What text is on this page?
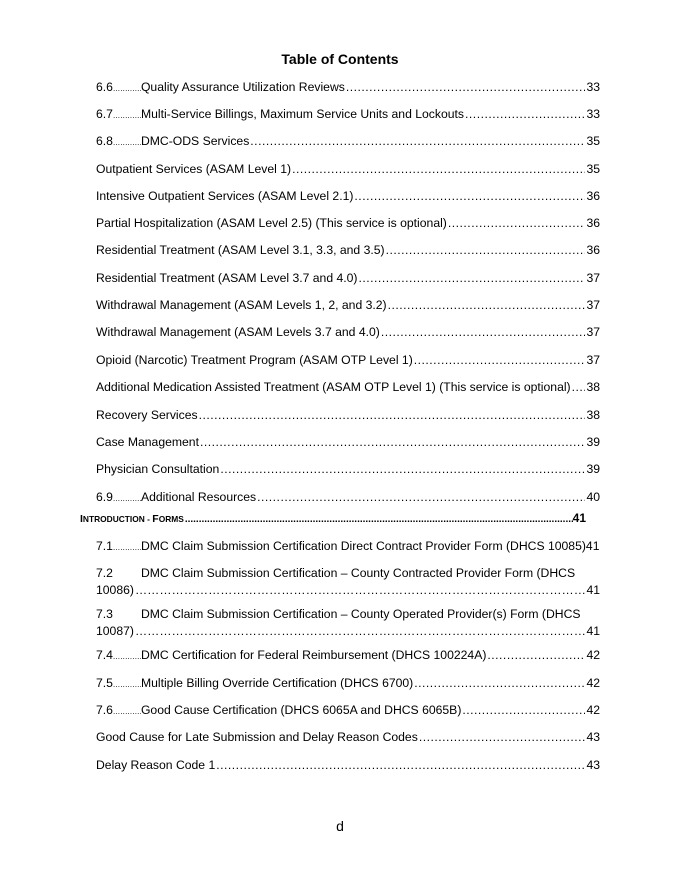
Table of Contents
6.6 ..... Quality Assurance Utilization Reviews .....	33
6.7 ..... Multi-Service Billings, Maximum Service Units and Lockouts .....	33
6.8 ..... DMC-ODS Services .....	35
Outpatient Services (ASAM Level 1) .....	35
Intensive Outpatient Services (ASAM Level 2.1) .....	36
Partial Hospitalization (ASAM Level 2.5) (This service is optional) .....	36
Residential Treatment (ASAM Level 3.1, 3.3, and 3.5) .....	36
Residential Treatment (ASAM Level 3.7 and 4.0) .....	37
Withdrawal Management (ASAM Levels 1, 2, and 3.2) .....	37
Withdrawal Management (ASAM Levels 3.7 and 4.0) .....	37
Opioid (Narcotic) Treatment Program (ASAM OTP Level 1) .....	37
Additional Medication Assisted Treatment (ASAM OTP Level 1) (This service is optional) ..... 38
Recovery Services .....	38
Case Management .....	39
Physician Consultation .....	39
6.9 ..... Additional Resources .....	40
I NTRODUCTION - F ORMS .....	41
7.1 ..... DMC Claim Submission Certification Direct Contract Provider Form (DHCS 10085) 41
7.2 DMC Claim Submission Certification – County Contracted Provider Form (DHCS
10086) …………………………………………………………………………………………………………………………………………………………	41
7.3 DMC Claim Submission Certification – County Operated Provider(s) Form (DHCS
10087) …………………………………………………………………………………………………………………………………………………………	41
7.4 ..... DMC Certification for Federal Reimbursement (DHCS 100224A) .....	42
7.5 ..... Multiple Billing Override Certification (DHCS 6700) .....	42
7.6 ..... Good Cause Certification (DHCS 6065A and DHCS 6065B) .....	42
Good Cause for Late Submission and Delay Reason Codes .....	43
Delay Reason Code 1 .....	43
d
